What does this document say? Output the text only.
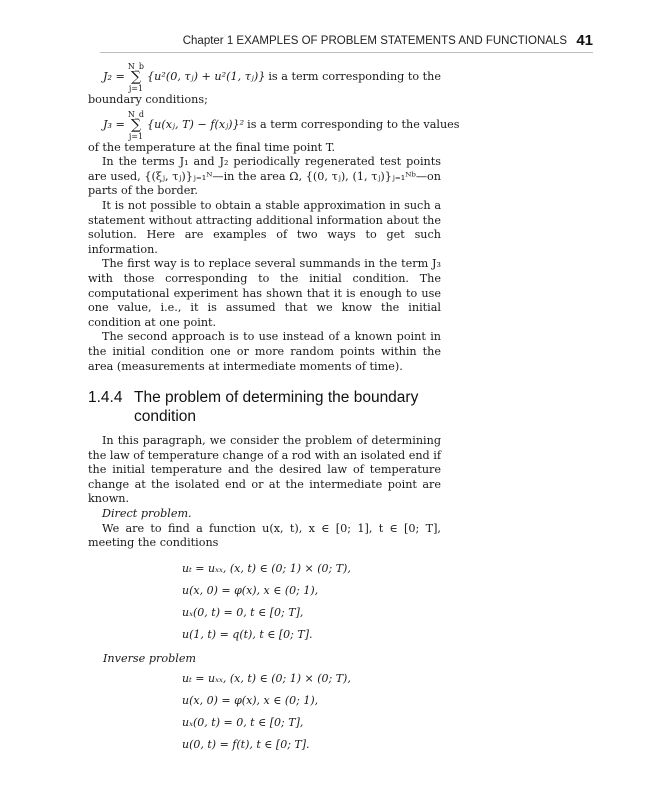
Chapter 1 EXAMPLES OF PROBLEM STATEMENTS AND FUNCTIONALS 41
J₂ =
N_b
∑
j=1
{u²(0, τⱼ) + u²(1, τⱼ)} is a term corresponding to the

boundary conditions;

J₃ =
N_d
∑
j=1
{u(xⱼ, T) − f(xⱼ)}² is a term corresponding to the values

of the temperature at the final time point T.

In the terms J₁ and J₂ periodically regenerated test points are used, {(ξⱼ, τⱼ)}ⱼ₌₁ᴺ—in the area Ω, {(0, τⱼ), (1, τⱼ)}ⱼ₌₁ᴺᵇ—on parts of the border.

It is not possible to obtain a stable approximation in such a statement without attracting additional information about the solution. Here are examples of two ways to get such information.

The first way is to replace several summands in the term J₃ with those corresponding to the initial condition. The computational experiment has shown that it is enough to use one value, i.e., it is assumed that we know the initial condition at one point.

The second approach is to use instead of a known point in the initial condition one or more random points within the area (measurements at intermediate moments of time).

1.4.4 The problem of determining the boundary
condition

In this paragraph, we consider the problem of determining the law of temperature change of a rod with an isolated end if the initial temperature and the desired law of temperature change at the isolated end or at the intermediate point are known.

Direct problem.

We are to find a function u(x, t), x ∈ [0; 1], t ∈ [0; T], meeting the conditions

uₜ = uₓₓ, (x, t) ∈ (0; 1) × (0; T),
u(x, 0) = φ(x), x ∈ (0; 1),
uₓ(0, t) = 0, t ∈ [0; T],
u(1, t) = q(t), t ∈ [0; T].
Inverse problem
uₜ = uₓₓ, (x, t) ∈ (0; 1) × (0; T),
u(x, 0) = φ(x), x ∈ (0; 1),
uₓ(0, t) = 0, t ∈ [0; T],
u(0, t) = f(t), t ∈ [0; T].
